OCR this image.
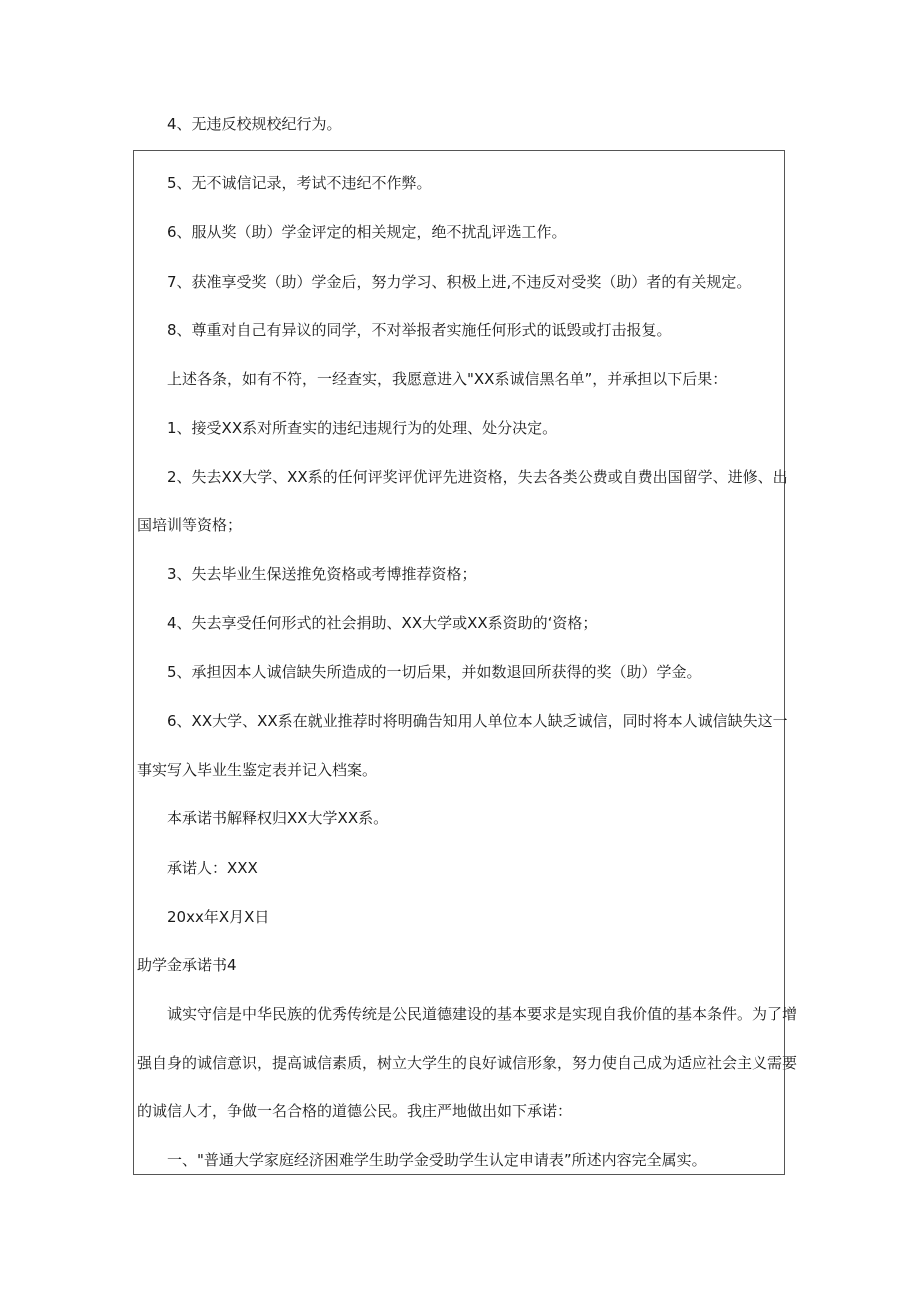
4、无违反校规校纪行为。
5、无不诚信记录，考试不违纪不作弊。
6、服从奖（助）学金评定的相关规定，绝不扰乱评选工作。
7、获准享受奖（助）学金后，努力学习、积极上进,不违反对受奖（助）者的有关规定。
8、尊重对自己有异议的同学，不对举报者实施任何形式的诋毁或打击报复。
上述各条，如有不符，一经查实，我愿意进入"XX系诚信黑名单”，并承担以下后果：
1、接受XX系对所查实的违纪违规行为的处理、处分决定。
2、失去XX大学、XX系的任何评奖评优评先进资格，失去各类公费或自费出国留学、进修、出
国培训等资格；
3、失去毕业生保送推免资格或考博推荐资格；
4、失去享受任何形式的社会捐助、XX大学或XX系资助的‘资格；
5、承担因本人诚信缺失所造成的一切后果，并如数退回所获得的奖（助）学金。
6、XX大学、XX系在就业推荐时将明确告知用人单位本人缺乏诚信，同时将本人诚信缺失这一
事实写入毕业生鉴定表并记入档案。
本承诺书解释权归XX大学XX系。
承诺人：XXX
20xx年X月X日
助学金承诺书4
诚实守信是中华民族的优秀传统是公民道德建设的基本要求是实现自我价值的基本条件。为了增
强自身的诚信意识，提高诚信素质，树立大学生的良好诚信形象，努力使自己成为适应社会主义需要
的诚信人才，争做一名合格的道德公民。我庄严地做出如下承诺：
一、"普通大学家庭经济困难学生助学金受助学生认定申请表”所述内容完全属实。
